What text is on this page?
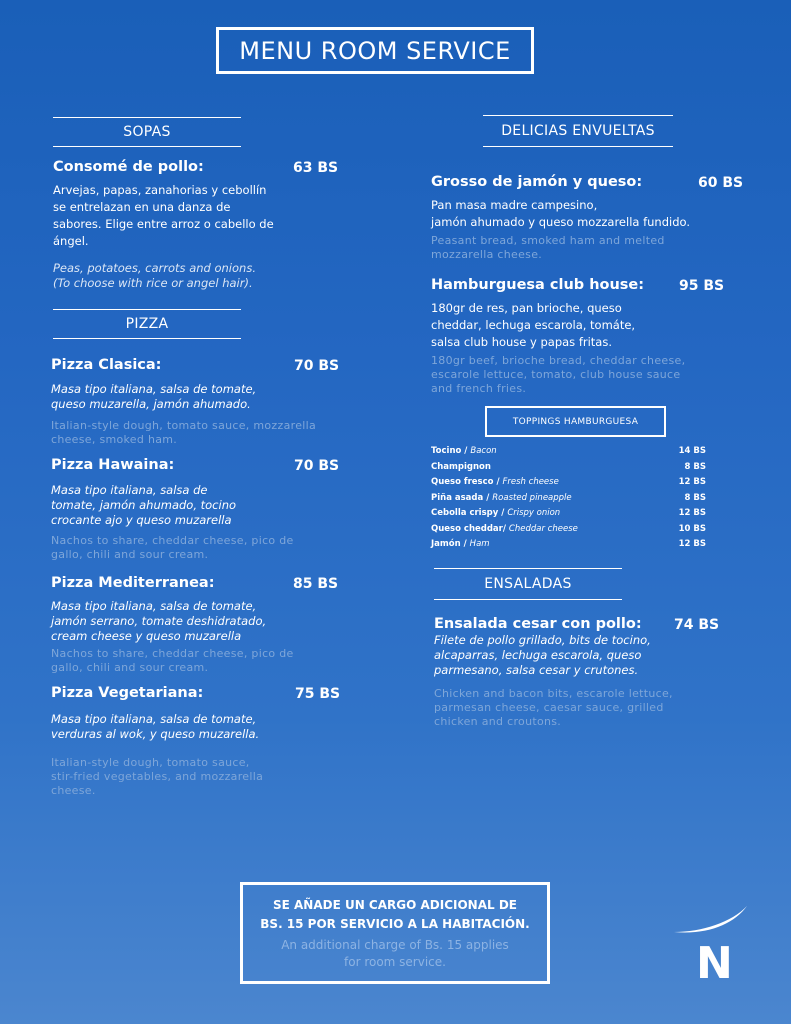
MENU ROOM SERVICE
SOPAS
Consomé de pollo:	63 BS
Arvejas, papas, zanahorias y cebollín
se entrelazan en una danza de
sabores. Elige entre arroz o cabello de
ángel.
Peas, potatoes, carrots and onions.
(To choose with rice or angel hair).
PIZZA
Pizza Clasica:	70 BS
Masa tipo italiana, salsa de tomate,
queso muzarella, jamón ahumado.
Italian-style dough, tomato sauce, mozzarella
cheese, smoked ham.
Pizza Hawaina:	70 BS
Masa tipo italiana, salsa de
tomate, jamón ahumado, tocino
crocante ajo y queso muzarella
Nachos to share, cheddar cheese, pico de
gallo, chili and sour cream.
Pizza Mediterranea:	85 BS
Masa tipo italiana, salsa de tomate,
jamón serrano, tomate deshidratado,
cream cheese y queso muzarella
Nachos to share, cheddar cheese, pico de
gallo, chili and sour cream.
Pizza Vegetariana:	75 BS
Masa tipo italiana, salsa de tomate,
verduras al wok, y queso muzarella.
Italian-style dough, tomato sauce,
stir-fried vegetables, and mozzarella
cheese.
DELICIAS ENVUELTAS
Grosso de jamón y queso:	60 BS
Pan masa madre campesino,
jamón ahumado y queso mozzarella fundido.
Peasant bread, smoked ham and melted
mozzarella cheese.
Hamburguesa club house: 95 BS
180gr de res, pan brioche, queso
cheddar, lechuga escarola, tomáte,
salsa club house y papas fritas.
180gr beef, brioche bread, cheddar cheese,
escarole lettuce, tomato, club house sauce
and french fries.
TOPPINGS HAMBURGUESA
Tocino / Bacon	14 BS
Champignon	8 BS
Queso fresco / Fresh cheese	12 BS
Piña asada / Roasted pineapple	8 BS
Cebolla crispy / Crispy onion	12 BS
Queso cheddar/ Cheddar cheese	10 BS
Jamón / Ham	12 BS
ENSALADAS
Ensalada cesar con pollo: 74 BS
Filete de pollo grillado, bits de tocino,
alcaparras, lechuga escarola, queso
parmesano, salsa cesar y crutones.
Chicken and bacon bits, escarole lettuce,
parmesan cheese, caesar sauce, grilled
chicken and croutons.
SE AÑADE UN CARGO ADICIONAL DE
BS. 15 POR SERVICIO A LA HABITACIÓN.
An additional charge of Bs. 15 applies
for room service.	N
